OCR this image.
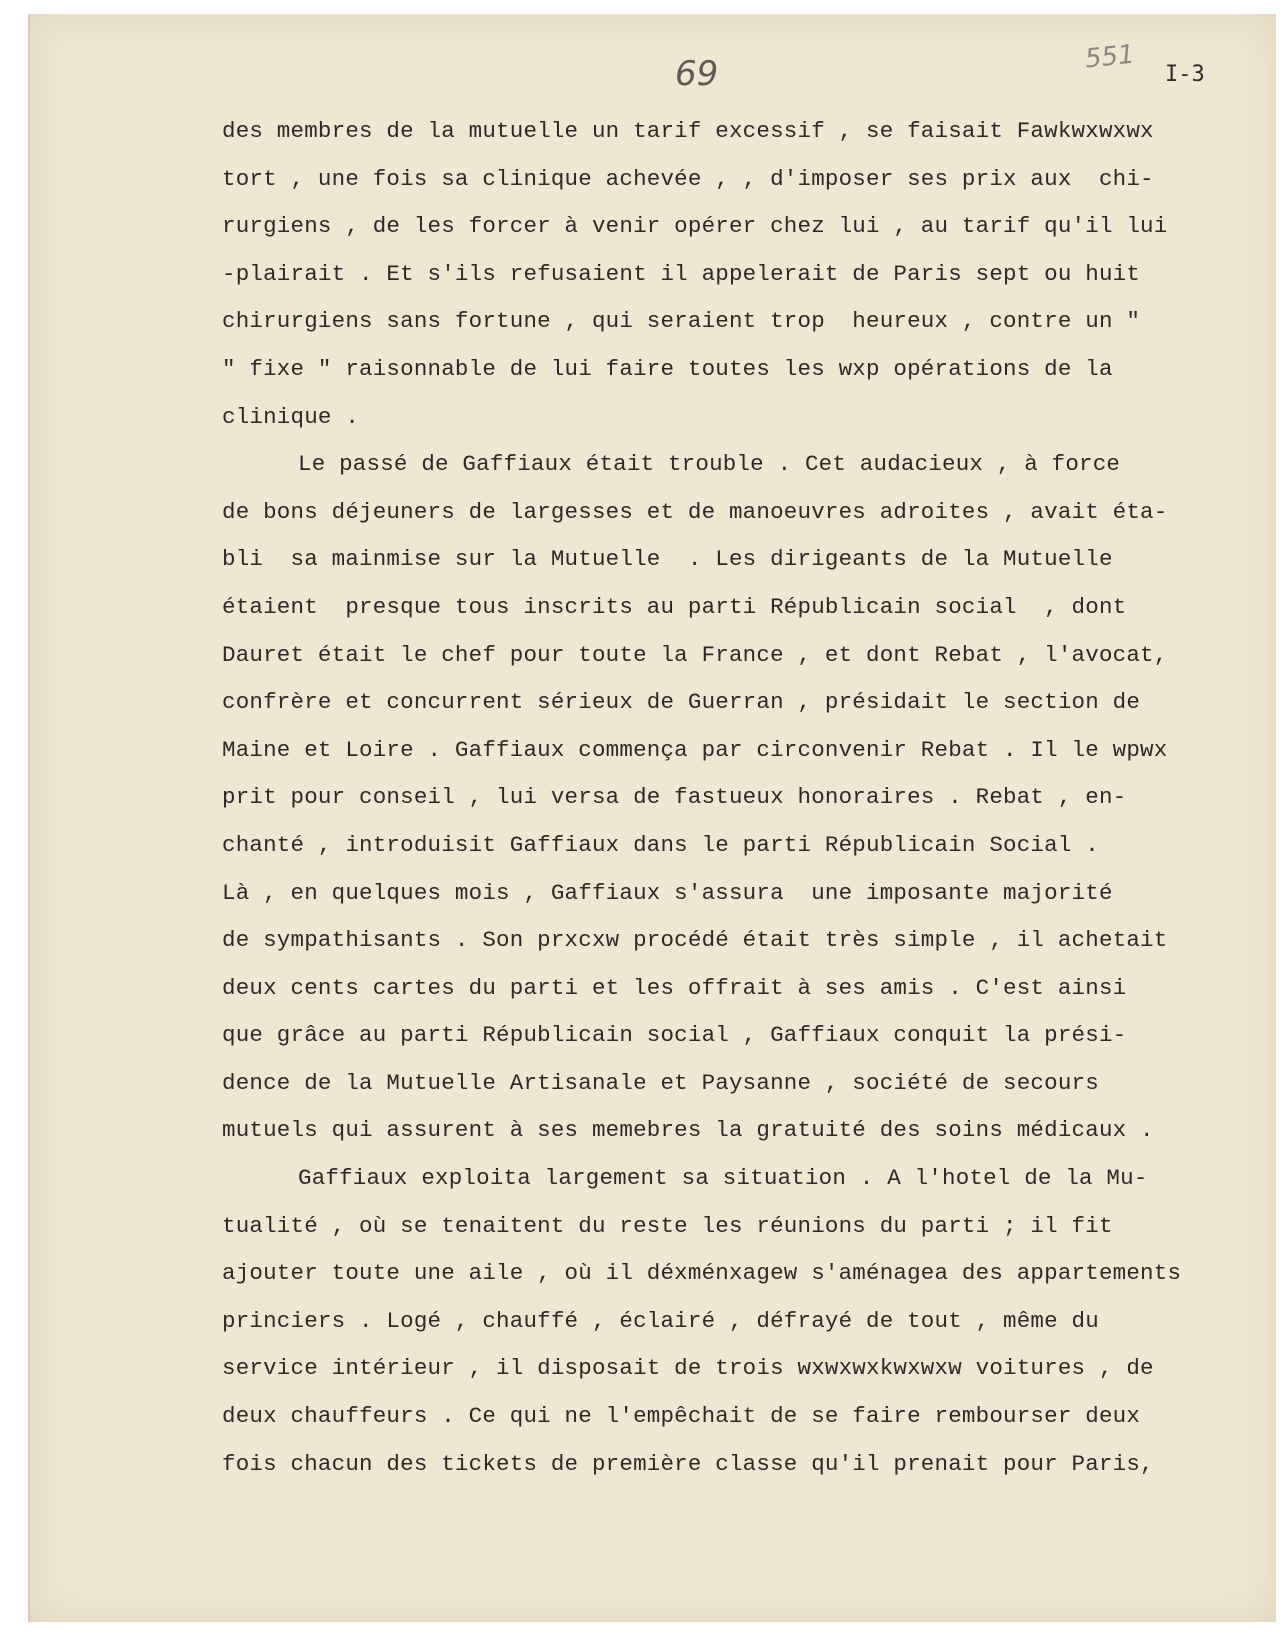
69	551 I-3
des membres de la mutuelle un tarif excessif , se faisait Fawkwxwxwx
tort , une fois sa clinique achevée , , d'imposer ses prix aux  chi-
rurgiens , de les forcer à venir opérer chez lui , au tarif qu'il lui
-plairait . Et s'ils refusaient il appelerait de Paris sept ou huit
chirurgiens sans fortune , qui seraient trop  heureux , contre un "
" fixe " raisonnable de lui faire toutes les wxp opérations de la
clinique .
Le passé de Gaffiaux était trouble . Cet audacieux , à force
de bons déjeuners de largesses et de manoeuvres adroites , avait éta-
bli  sa mainmise sur la Mutuelle  . Les dirigeants de la Mutuelle
étaient  presque tous inscrits au parti Républicain social  , dont
Dauret était le chef pour toute la France , et dont Rebat , l'avocat,
confrère et concurrent sérieux de Guerran , présidait le section de
Maine et Loire . Gaffiaux commença par circonvenir Rebat . Il le wpwx
prit pour conseil , lui versa de fastueux honoraires . Rebat , en-
chanté , introduisit Gaffiaux dans le parti Républicain Social .
Là , en quelques mois , Gaffiaux s'assura  une imposante majorité
de sympathisants . Son prxcxw procédé était très simple , il achetait
deux cents cartes du parti et les offrait à ses amis . C'est ainsi
que grâce au parti Républicain social , Gaffiaux conquit la prési-
dence de la Mutuelle Artisanale et Paysanne , société de secours
mutuels qui assurent à ses memebres la gratuité des soins médicaux .
Gaffiaux exploita largement sa situation . A l'hotel de la Mu-
tualité , où se tenaitent du reste les réunions du parti ; il fit
ajouter toute une aile , où il déxménxagew s'aménagea des appartements
princiers . Logé , chauffé , éclairé , défrayé de tout , même du
service intérieur , il disposait de trois wxwxwxkwxwxw voitures , de
deux chauffeurs . Ce qui ne l'empêchait de se faire rembourser deux
fois chacun des tickets de première classe qu'il prenait pour Paris,
